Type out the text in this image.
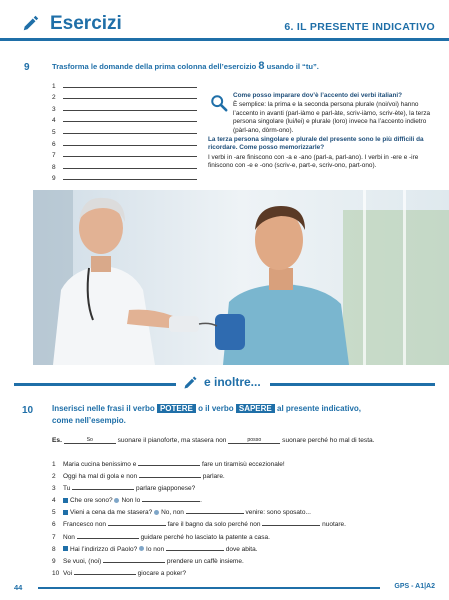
Esercizi	6. IL PRESENTE INDICATIVO
9	Trasforma le domande della prima colonna dell’esercizio 8 usando il “tu”.
1
2
3
4
5
6
7
8
9

Come posso imparare dov’è l’accento dei verbi italiani?

È semplice: la prima e la seconda persona plurale (noi/voi) hanno l’accento in avanti (parl-iàmo e parl-àte, scriv-iàmo, scriv-ète), la terza persona singolare (lui/lei) e plurale (loro) invece ha l’accento indietro (pàrl-ano, dòrm-ono).

La terza persona singolare e plurale del presente sono le più difficili da ricordare. Come posso memorizzarle?

I verbi in -are finiscono con -a e -ano (parl-a, parl-ano). I verbi in -ere e -ire finiscono con -e e -ono (scriv-e, part-e, scriv-ono, part-ono).

e inoltre...
10 Inserisci nelle frasi il verbo POTERE o il verbo SAPERE al presente indicativo,
come nell’esempio.
Es.	So	suonare il pianoforte, ma stasera non	posso	suonare perché ho mal di testa.
1 Maria cucina benissimo e	fare un tiramisù eccezionale!
2 Oggi ha mal di gola e non	parlare.
3 Tu	parlare giapponese?
4 Che ore sono? Non lo	.
5 Vieni a cena da me stasera? No, non	venire: sono sposato...
6 Francesco non	fare il bagno da solo perché non	nuotare.
7 Non	guidare perché ho lasciato la patente a casa.
8 Hai l’indirizzo di Paolo? Io non	dove abita.
9 Se vuoi, (noi)	prendere un caffè insieme.
10 Voi	giocare a poker?
44	GPS - A1|A2
